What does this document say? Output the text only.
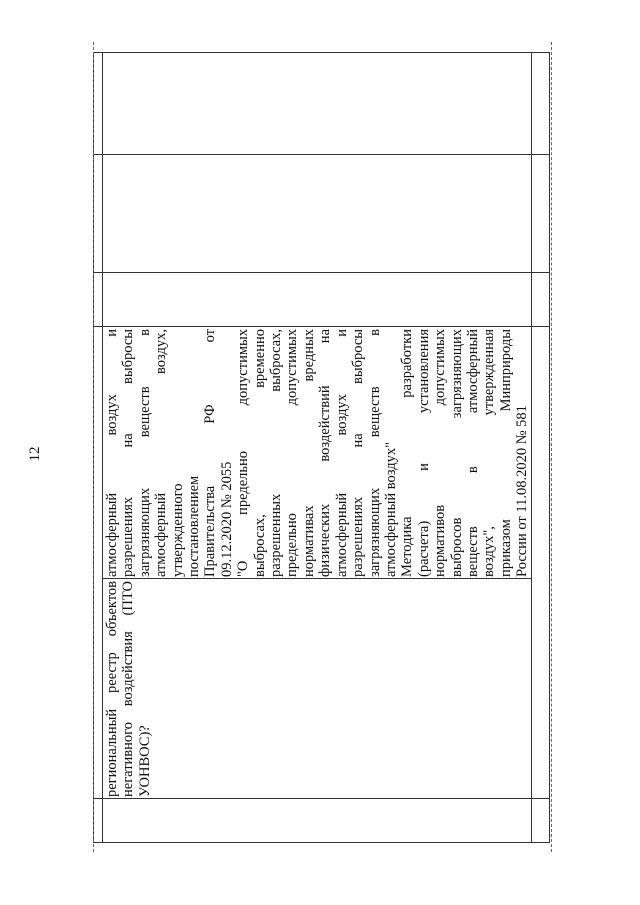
12
региональный реестр объектов негативного воздействия (ПТО УОНВОС)?
атмосферный воздух и разрешениях на выбросы загрязняющих веществ в атмосферный воздух, утвержденного постановлением Правительства РФ от 09.12.2020 № 2055 "О предельно допустимых выбросах, временно разрешенных выбросах, предельно допустимых нормативах вредных физических воздействий на атмосферный воздух и разрешениях на выбросы загрязняющих веществ в атмосферный воздух" Методика разработки (расчета) и установления нормативов допустимых выбросов загрязняющих веществ в атмосферный воздух", утвержденная приказом Минприроды России от 11.08.2020 № 581
